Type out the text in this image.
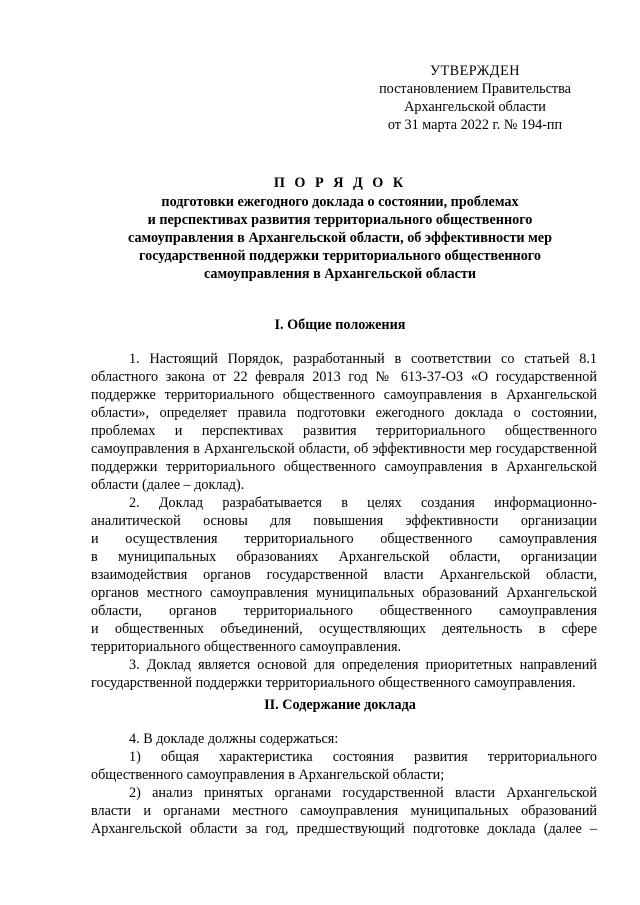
УТВЕРЖДЕН
постановлением Правительства
Архангельской области
от 31 марта 2022 г. № 194-пп
П О Р Я Д О К
подготовки ежегодного доклада о состоянии, проблемах
и перспективах развития территориального общественного
самоуправления в Архангельской области, об эффективности мер
государственной поддержки территориального общественного
самоуправления в Архангельской области
I. Общие положения
1. Настоящий Порядок, разработанный в соответствии со статьей 8.1
областного закона от 22 февраля 2013 год № 613-37-ОЗ «О государственной
поддержке территориального общественного самоуправления в Архангельской
области», определяет правила подготовки ежегодного доклада о состоянии,
проблемах и перспективах развития территориального общественного
самоуправления в Архангельской области, об эффективности мер государственной
поддержки территориального общественного самоуправления в Архангельской
области (далее – доклад).
2. Доклад разрабатывается в целях создания информационно-
аналитической основы для повышения эффективности организации
и осуществления территориального общественного самоуправления
в муниципальных образованиях Архангельской области, организации
взаимодействия органов государственной власти Архангельской области,
органов местного самоуправления муниципальных образований Архангельской
области, органов территориального общественного самоуправления
и общественных объединений, осуществляющих деятельность в сфере
территориального общественного самоуправления.
3. Доклад является основой для определения приоритетных направлений
государственной поддержки территориального общественного самоуправления.
II. Содержание доклада
4. В докладе должны содержаться:
1) общая характеристика состояния развития территориального
общественного самоуправления в Архангельской области;
2) анализ принятых органами государственной власти Архангельской
власти и органами местного самоуправления муниципальных образований
Архангельской области за год, предшествующий подготовке доклада (далее –
